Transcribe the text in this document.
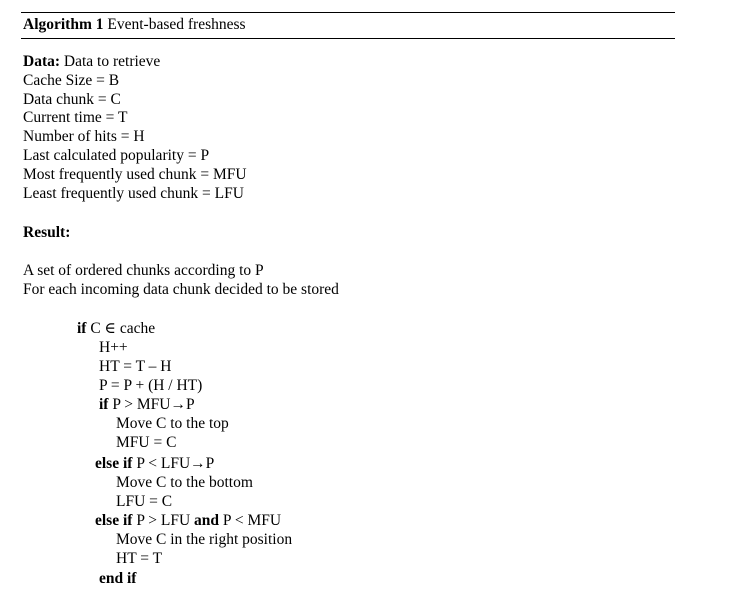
Algorithm 1 Event-based freshness
Data: Data to retrieve
Cache Size = B
Data chunk = C
Current time = T
Number of hits = H
Last calculated popularity = P
Most frequently used chunk = MFU
Least frequently used chunk = LFU
Result:
A set of ordered chunks according to P
For each incoming data chunk decided to be stored
if C ∈ cache
H++
HT = T – H
P = P + (H / HT)
if P > MFU→P
Move C to the top
MFU = C
else if P < LFU→P
Move C to the bottom
LFU = C
else if P > LFU and P < MFU
Move C in the right position
HT = T
end if
